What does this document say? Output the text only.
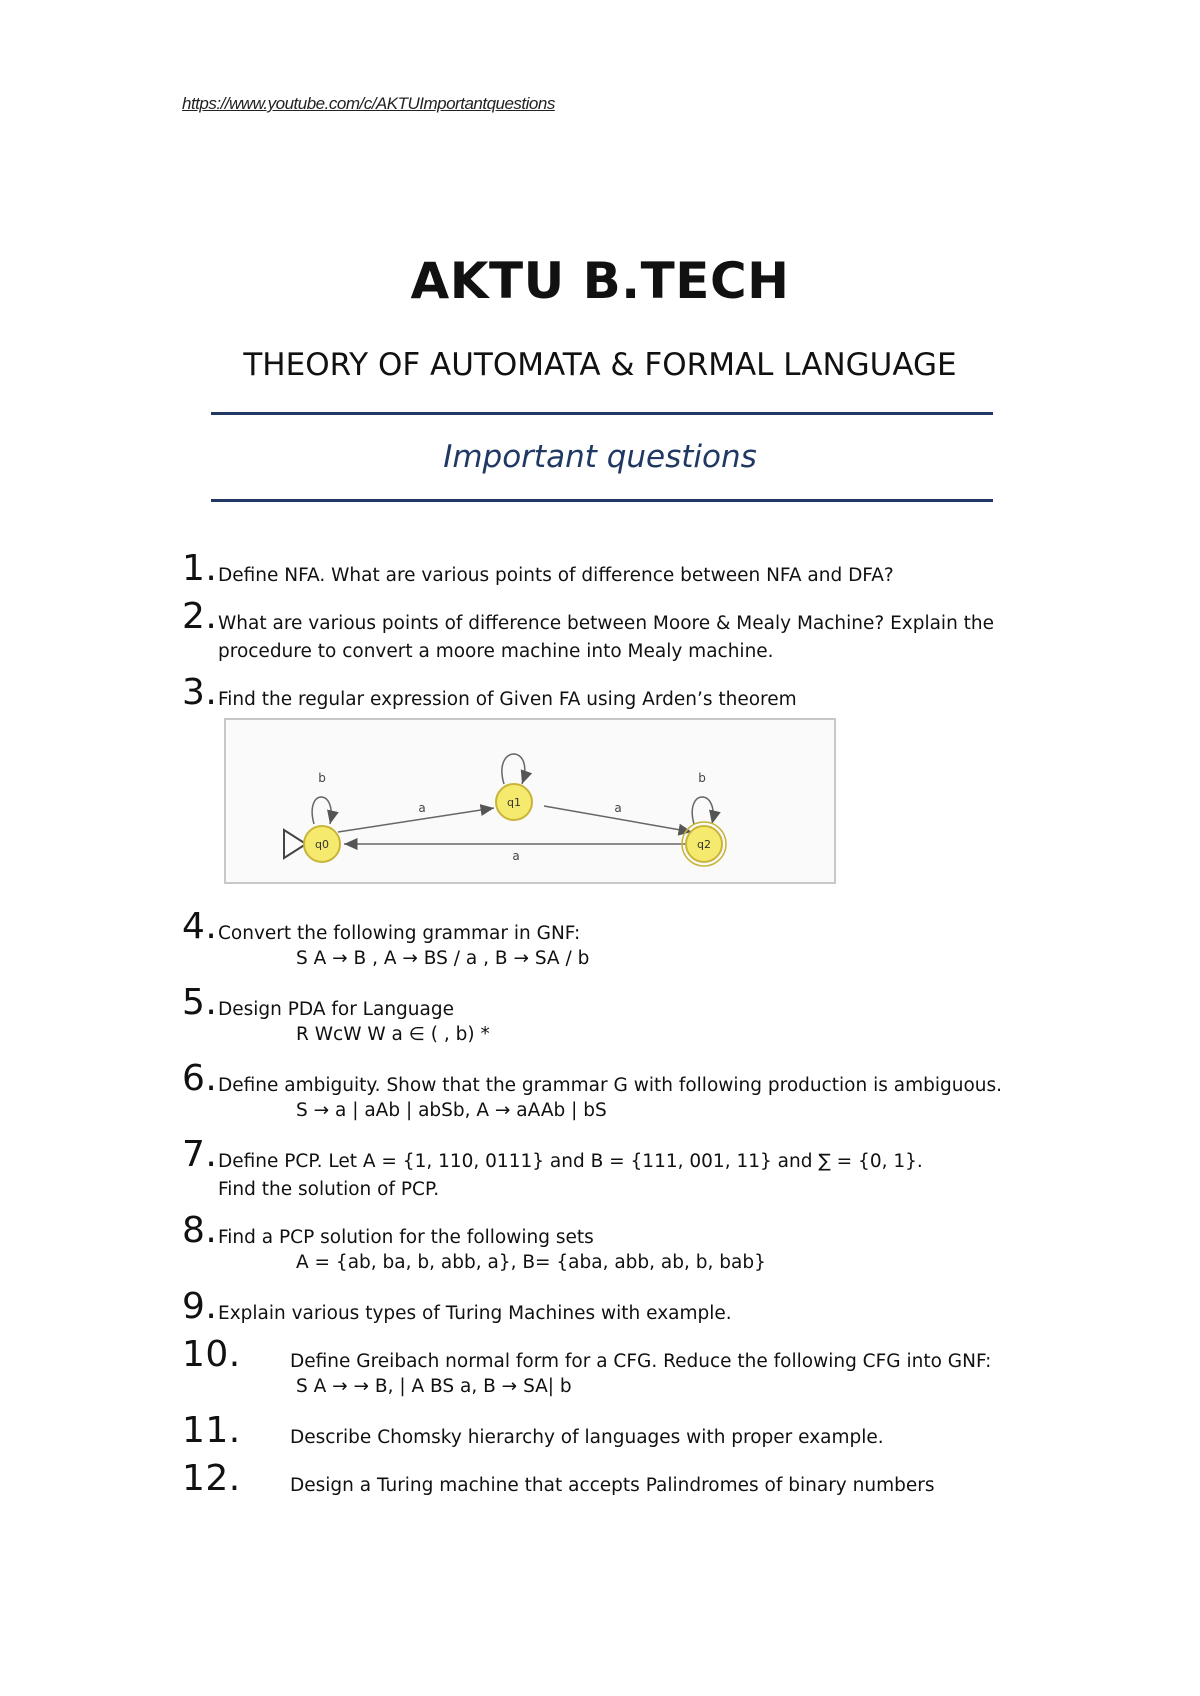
https://www.youtube.com/c/AKTUImportantquestions
AKTU B.TECH
THEORY OF AUTOMATA & FORMAL LANGUAGE
Important questions
1. Define NFA. What are various points of difference between NFA and DFA?
2. What are various points of difference between Moore & Mealy Machine? Explain the
procedure to convert a moore machine into Mealy machine.
3. Find the regular expression of Given FA using Arden’s theorem
b
a	a
b
a
q0
q1
q2
4. Convert the following grammar in GNF:
S A → B , A → BS / a , B → SA / b
5. Design PDA for Language
R WcW W a ∈ ( , b) *
6. Define ambiguity. Show that the grammar G with following production is ambiguous.
S → a | aAb | abSb, A → aAAb | bS
7. Define PCP. Let A = {1, 110, 0111} and B = {111, 001, 11} and ∑ = {0, 1}.
Find the solution of PCP.
8. Find a PCP solution for the following sets
A = {ab, ba, b, abb, a}, B= {aba, abb, ab, b, bab}
9. Explain various types of Turing Machines with example.
10.	Define Greibach normal form for a CFG. Reduce the following CFG into GNF:
S A → → B, | A BS a, B → SA| b
11.	Describe Chomsky hierarchy of languages with proper example.
12.	Design a Turing machine that accepts Palindromes of binary numbers
